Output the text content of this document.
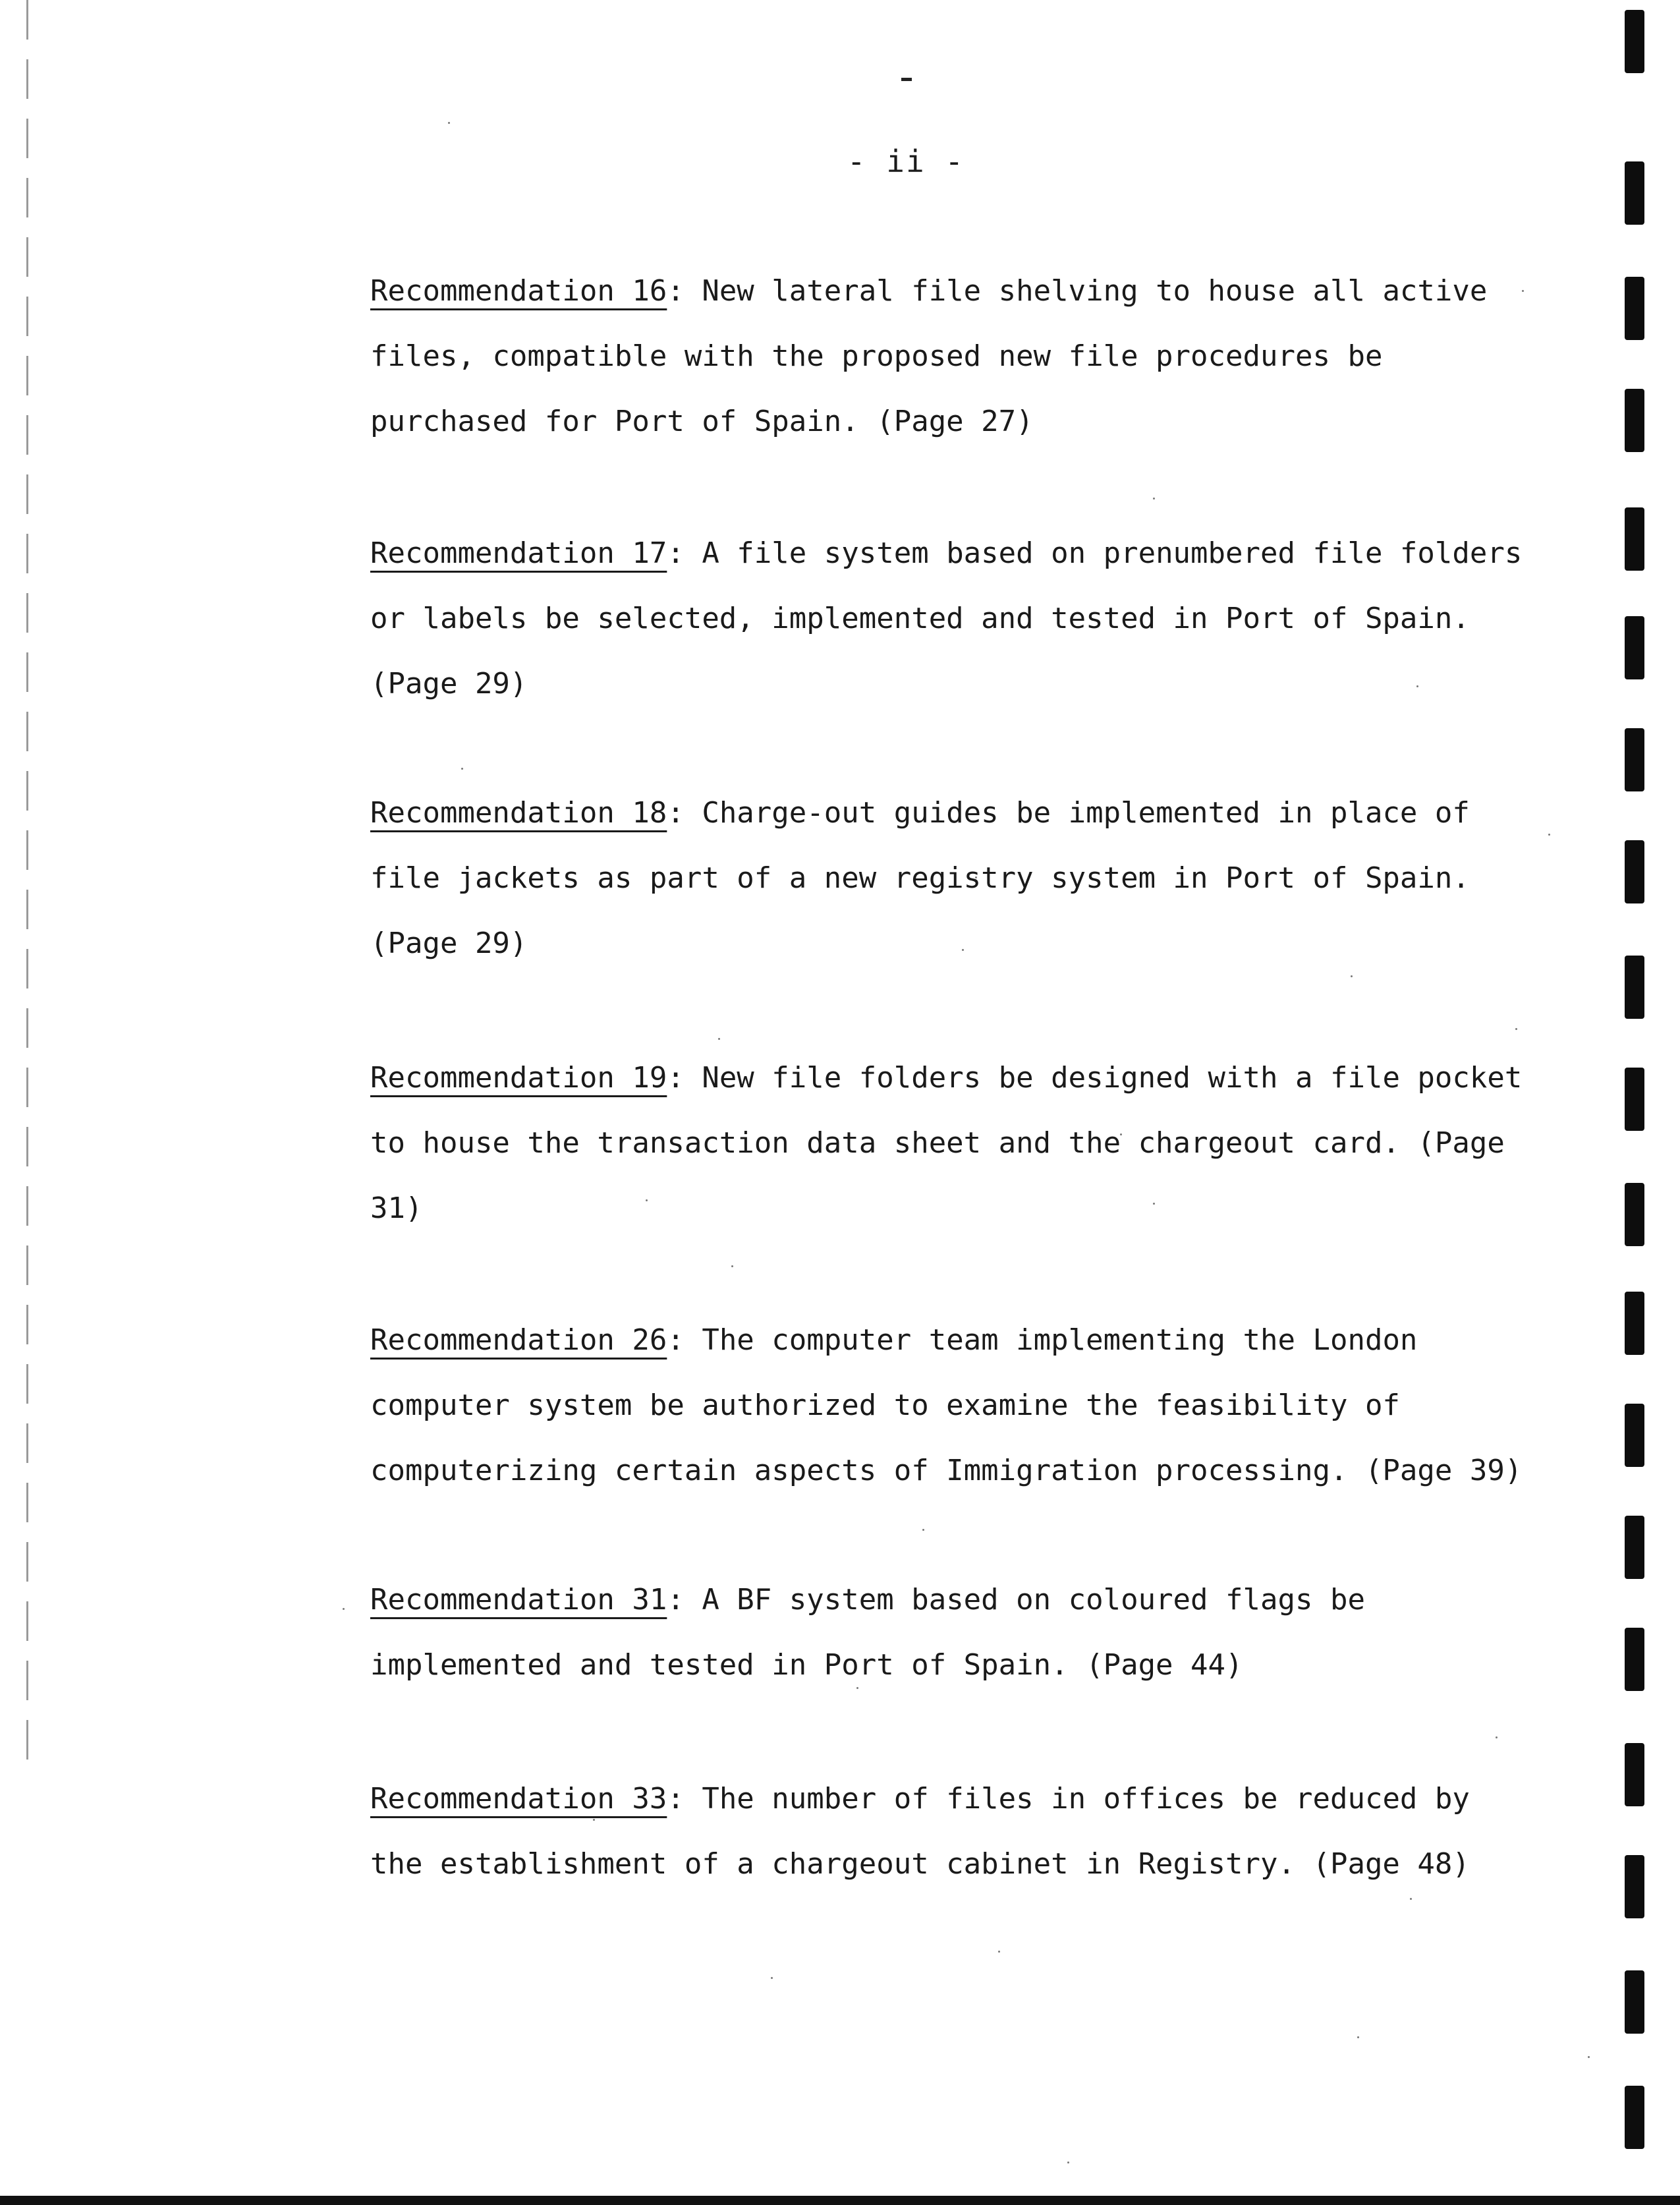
- ii -
Recommendation 16: New lateral file shelving to house all active
files, compatible with the proposed new file procedures be
purchased for Port of Spain. (Page 27)
Recommendation 17: A file system based on prenumbered file folders
or labels be selected, implemented and tested in Port of Spain.
(Page 29)
Recommendation 18: Charge-out guides be implemented in place of
file jackets as part of a new registry system in Port of Spain.
(Page 29)
Recommendation 19: New file folders be designed with a file pocket
to house the transaction data sheet and the chargeout card. (Page
31)
Recommendation 26: The computer team implementing the London
computer system be authorized to examine the feasibility of
computerizing certain aspects of Immigration processing. (Page 39)
Recommendation 31: A BF system based on coloured flags be
implemented and tested in Port of Spain. (Page 44)
Recommendation 33: The number of files in offices be reduced by
the establishment of a chargeout cabinet in Registry. (Page 48)
